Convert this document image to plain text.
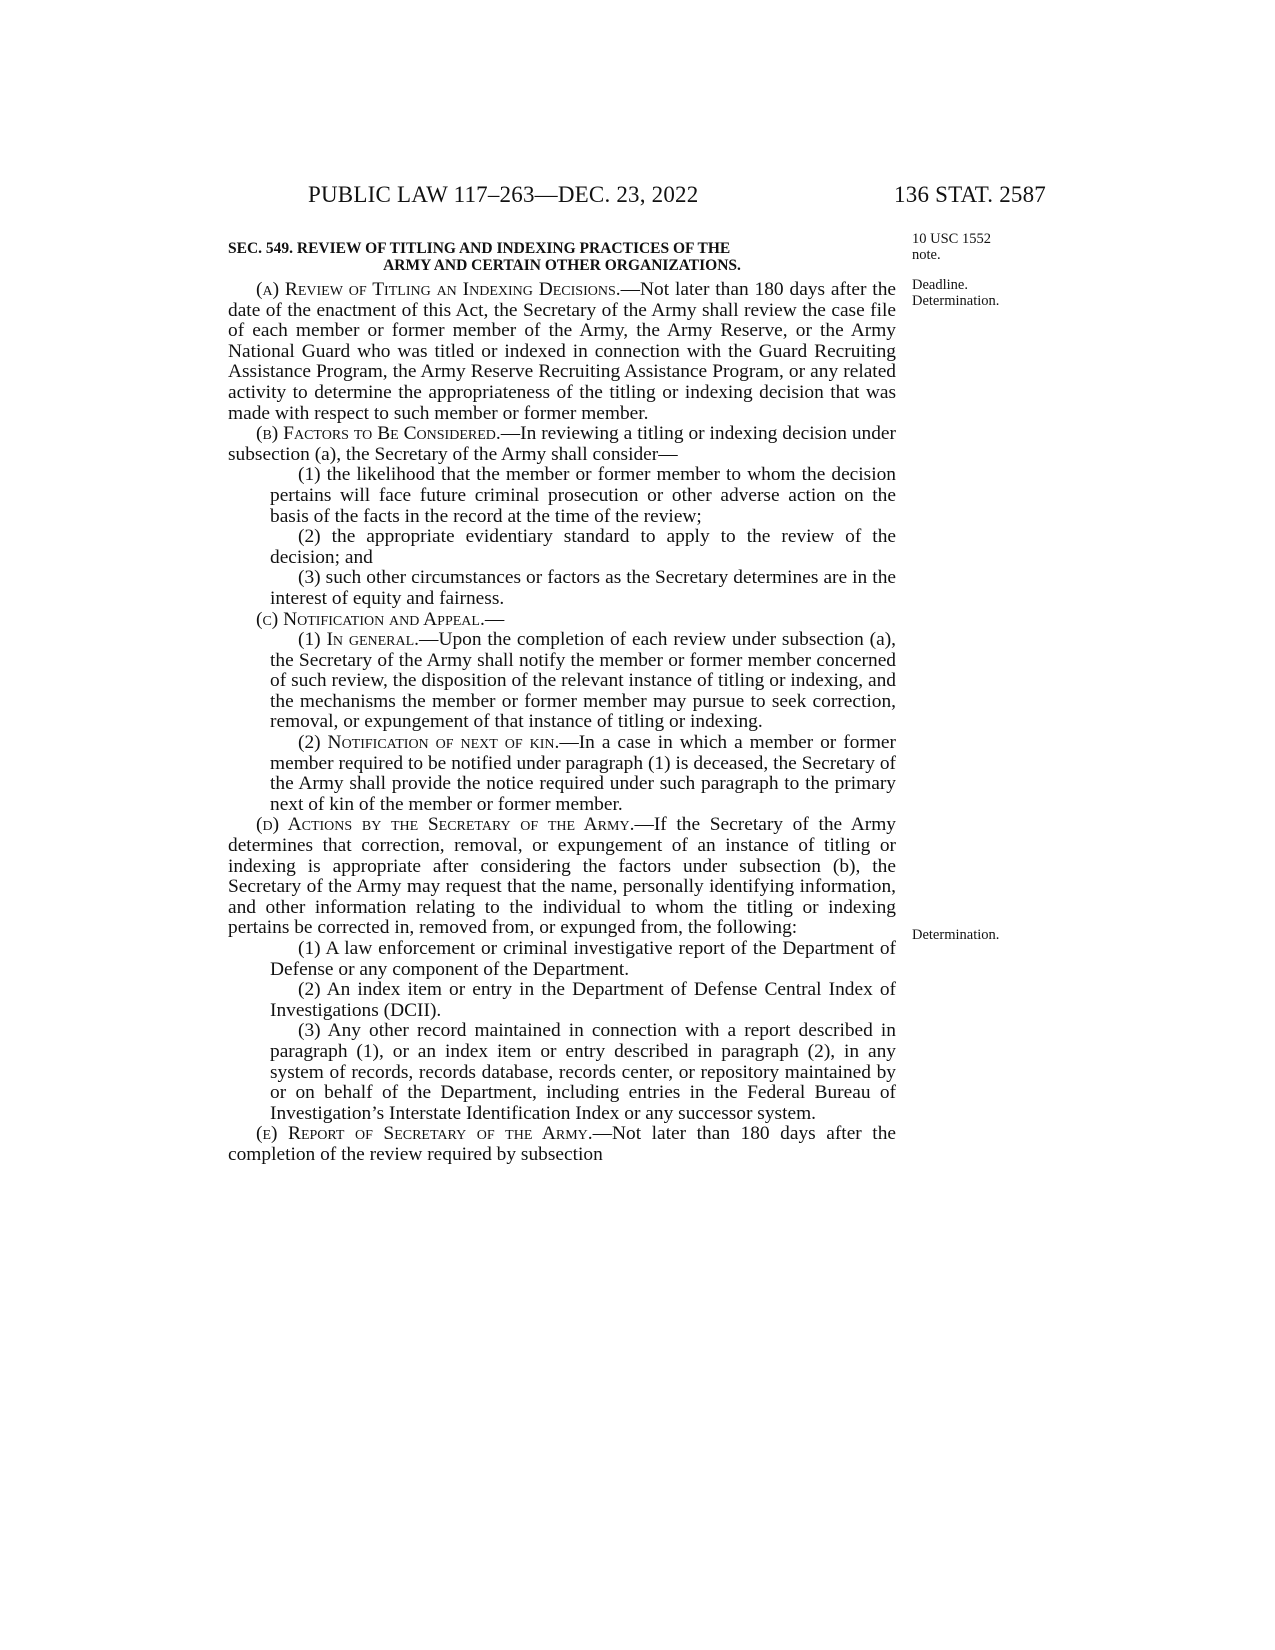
PUBLIC LAW 117–263—DEC. 23, 2022	136 STAT. 2587
10 USC 1552
note.
Deadline.
Determination.
Determination.
SEC. 549. REVIEW OF TITLING AND INDEXING PRACTICES OF THE
ARMY AND CERTAIN OTHER ORGANIZATIONS.

(a) Review of Titling an Indexing Decisions.—Not later than 180 days after the date of the enactment of this Act, the Secretary of the Army shall review the case file of each member or former member of the Army, the Army Reserve, or the Army National Guard who was titled or indexed in connection with the Guard Recruiting Assistance Program, the Army Reserve Recruiting Assistance Program, or any related activity to determine the appropriateness of the titling or indexing decision that was made with respect to such member or former member.

(b) Factors to Be Considered.—In reviewing a titling or indexing decision under subsection (a), the Secretary of the Army shall consider—

(1) the likelihood that the member or former member to whom the decision pertains will face future criminal prosecution or other adverse action on the basis of the facts in the record at the time of the review;

(2) the appropriate evidentiary standard to apply to the review of the decision; and

(3) such other circumstances or factors as the Secretary determines are in the interest of equity and fairness.

(c) Notification and Appeal.—

(1) In general.—Upon the completion of each review under subsection (a), the Secretary of the Army shall notify the member or former member concerned of such review, the disposition of the relevant instance of titling or indexing, and the mechanisms the member or former member may pursue to seek correction, removal, or expungement of that instance of titling or indexing.

(2) Notification of next of kin.—In a case in which a member or former member required to be notified under paragraph (1) is deceased, the Secretary of the Army shall provide the notice required under such paragraph to the primary next of kin of the member or former member.

(d) Actions by the Secretary of the Army.—If the Secretary of the Army determines that correction, removal, or expungement of an instance of titling or indexing is appropriate after considering the factors under subsection (b), the Secretary of the Army may request that the name, personally identifying information, and other information relating to the individual to whom the titling or indexing pertains be corrected in, removed from, or expunged from, the following:

(1) A law enforcement or criminal investigative report of the Department of Defense or any component of the Department.

(2) An index item or entry in the Department of Defense Central Index of Investigations (DCII).

(3) Any other record maintained in connection with a report described in paragraph (1), or an index item or entry described in paragraph (2), in any system of records, records database, records center, or repository maintained by or on behalf of the Department, including entries in the Federal Bureau of Investigation’s Interstate Identification Index or any successor system.

(e) Report of Secretary of the Army.—Not later than 180 days after the completion of the review required by subsection
